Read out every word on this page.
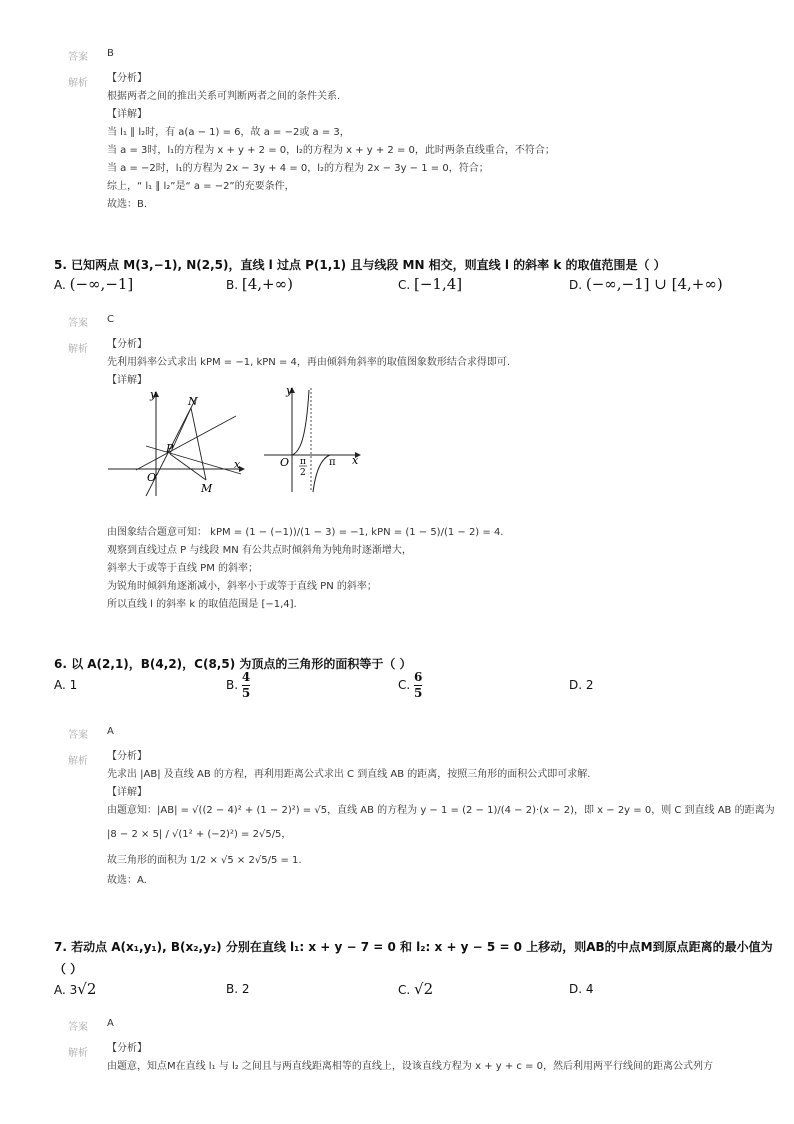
答案 B
解析 【分析】
根据两者之间的推出关系可判断两者之间的条件关系.
【详解】
当 l₁ ∥ l₂时，有 a(a − 1) = 6，故 a = −2或 a = 3，
当 a = 3时，l₁的方程为 x + y + 2 = 0，l₂的方程为 x + y + 2 = 0，此时两条直线重合，不符合；
当 a = −2时，l₁的方程为 2x − 3y + 4 = 0，l₂的方程为 2x − 3y − 1 = 0，符合；
综上，“ l₁ ∥ l₂”是“ a = −2”的充要条件，
故选：B.
5. 已知两点 M(3,−1), N(2,5)，直线 l 过点 P(1,1) 且与线段 MN 相交，则直线 l 的斜率 k 的取值范围是（ ）
A. (−∞,−1]	B. [4,+∞)	C. [−1,4]	D. (−∞,−1] ∪ [4,+∞)
答案 C
解析 【分析】
先利用斜率公式求出 kPM = −1, kPN = 4，再由倾斜角斜率的取值图象数形结合求得即可.
【详解】
y
x
N
P
O
M
y
x
O π
2
π
由图象结合题意可知： kPM = (1 − (−1))/(1 − 3) = −1, kPN = (1 − 5)/(1 − 2) = 4.
观察到直线过点 P 与线段 MN 有公共点时倾斜角为钝角时逐渐增大，
斜率大于或等于直线 PM 的斜率；
为锐角时倾斜角逐渐减小，斜率小于或等于直线 PN 的斜率；
所以直线 l 的斜率 k 的取值范围是 [−1,4].
6. 以 A(2,1)，B(4,2)，C(8,5) 为顶点的三角形的面积等于（ ）
A. 1	B. $\frac{4}{5}$	C. $\frac{6}{5}$	D. 2
答案 A
解析 【分析】
先求出 |AB| 及直线 AB 的方程，再利用距离公式求出 C 到直线 AB 的距离，按照三角形的面积公式即可求解.
【详解】
由题意知：|AB| = √((2 − 4)² + (1 − 2)²) = √5，直线 AB 的方程为 y − 1 = (2 − 1)/(4 − 2)·(x − 2)，即 x − 2y = 0，则 C 到直线 AB 的距离为
|8 − 2 × 5| / √(1² + (−2)²) = 2√5/5，
故三角形的面积为 1/2 × √5 × 2√5/5 = 1.
故选：A.
7. 若动点 A(x₁,y₁), B(x₂,y₂) 分别在直线 l₁: x + y − 7 = 0 和 l₂: x + y − 5 = 0 上移动，则AB的中点M到原点距离的最小值为
（ ）
A. 3√2	B. 2	C. √2	D. 4
答案 A
解析 【分析】
由题意，知点M在直线 l₁ 与 l₂ 之间且与两直线距离相等的直线上，设该直线方程为 x + y + c = 0，然后利用两平行线间的距离公式列方
